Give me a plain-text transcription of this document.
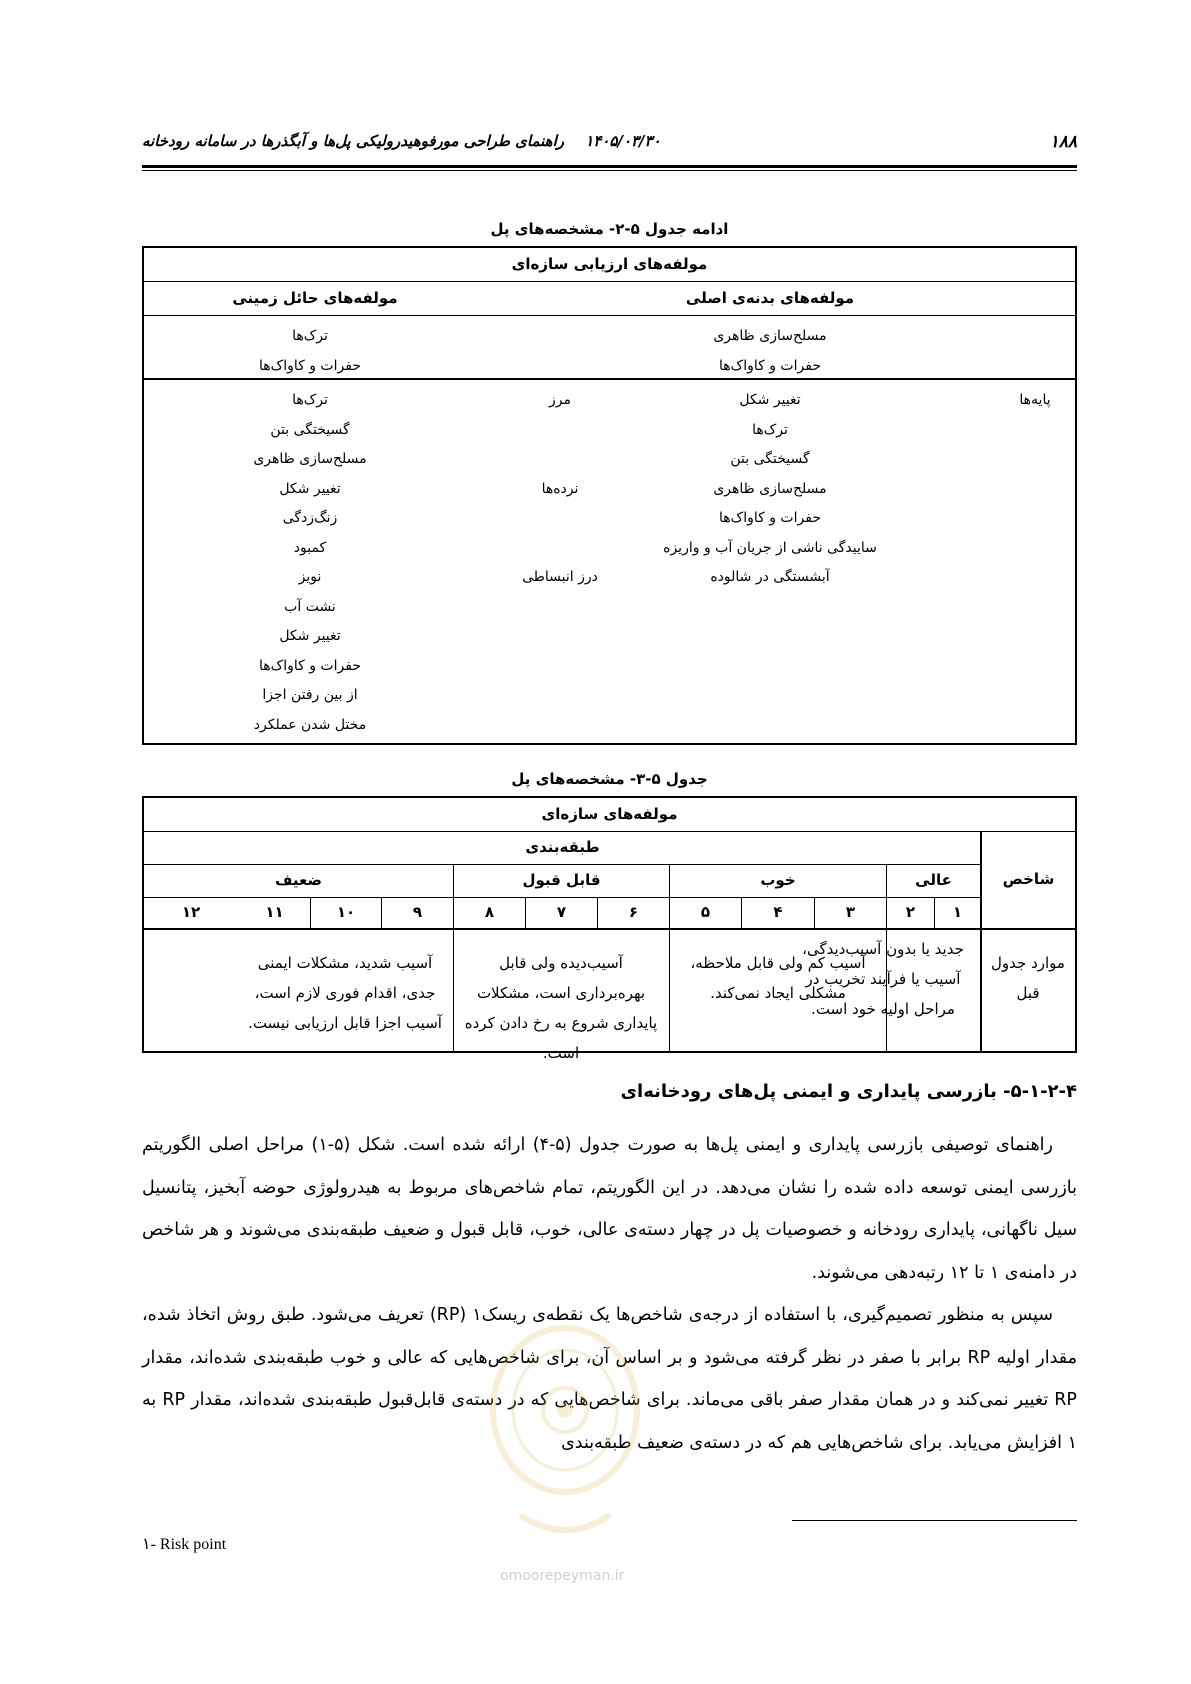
۱۸۸
۱۴۰۵/۰۳/۳۰ راهنمای طراحی مورفوهیدرولیکی پل‌ها و آبگذرها در سامانه رودخانه
ادامه جدول ۵-۲- مشخصه‌های پل
مولفه‌های ارزیابی سازه‌ای
مولفه‌های بدنه‌ی اصلی
مولفه‌های حائل زمینی
مسلح‌سازی ظاهری
حفرات و کاواک‌ها
ترک‌ها
حفرات و کاواک‌ها
پایه‌ها
تغییر شکل
ترک‌ها
گسیختگی بتن
مسلح‌سازی ظاهری
حفرات و کاواک‌ها
ساییدگی ناشی از جریان آب و واریزه
آبشستگی در شالوده
مرز

نرده‌ها

درز انبساطی
ترک‌ها
گسیختگی بتن
مسلح‌سازی ظاهری
تغییر شکل
زنگ‌زدگی
کمبود
نویز
نشت آب
تغییر شکل
حفرات و کاواک‌ها
از بین رفتن اجزا
مختل شدن عملکرد
جدول ۵-۳- مشخصه‌های پل
مولفه‌های سازه‌ای
طبقه‌بندی
شاخص
عالی
خوب
قابل قبول
ضعیف
۱
۲
۳
۴
۵
۶
۷
۸
۹
۱۰
۱۱
۱۲
موارد جدول قبل
جدید یا بدون آسیب‌دیدگی، آسیب یا فرآیند تخریب در مراحل اولیه خود است.
آسیب کم ولی قابل ملاحظه، مشکلی ایجاد نمی‌کند.
آسیب‌دیده ولی قابل بهره‌برداری است، مشکلات پایداری شروع به رخ دادن کرده است.
آسیب شدید، مشکلات ایمنی جدی، اقدام فوری لازم است، آسیب اجزا قابل ارزیابی نیست.
۵-۱-۲-۴- بازرسی پایداری و ایمنی پل‌های رودخانه‌ای

راهنمای توصیفی بازرسی پایداری و ایمنی پل‌ها به صورت جدول (۵-۴) ارائه شده است. شکل (۵-۱) مراحل اصلی الگوریتم بازرسی ایمنی توسعه داده شده را نشان می‌دهد. در این الگوریتم، تمام شاخص‌های مربوط به هیدرولوژی حوضه آبخیز، پتانسیل سیل ناگهانی، پایداری رودخانه و خصوصیات پل در چهار دسته‌ی عالی، خوب، قابل قبول و ضعیف طبقه‌بندی می‌شوند و هر شاخص در دامنه‌ی ۱ تا ۱۲ رتبه‌دهی می‌شوند.

سپس به منظور تصمیم‌گیری، با استفاده از درجه‌ی شاخص‌ها یک نقطه‌ی ریسک۱ (RP) تعریف می‌شود. طبق روش اتخاذ شده، مقدار اولیه RP برابر با صفر در نظر گرفته می‌شود و بر اساس آن، برای شاخص‌هایی که عالی و خوب طبقه‌بندی شده‌اند، مقدار RP تغییر نمی‌کند و در همان مقدار صفر باقی می‌ماند. برای شاخص‌هایی که در دسته‌ی قابل‌قبول طبقه‌بندی شده‌اند، مقدار RP به ۱ افزایش می‌یابد. برای شاخص‌هایی هم که در دسته‌ی ضعیف طبقه‌بندی

omoorepeyman.ir
۱- Risk point
